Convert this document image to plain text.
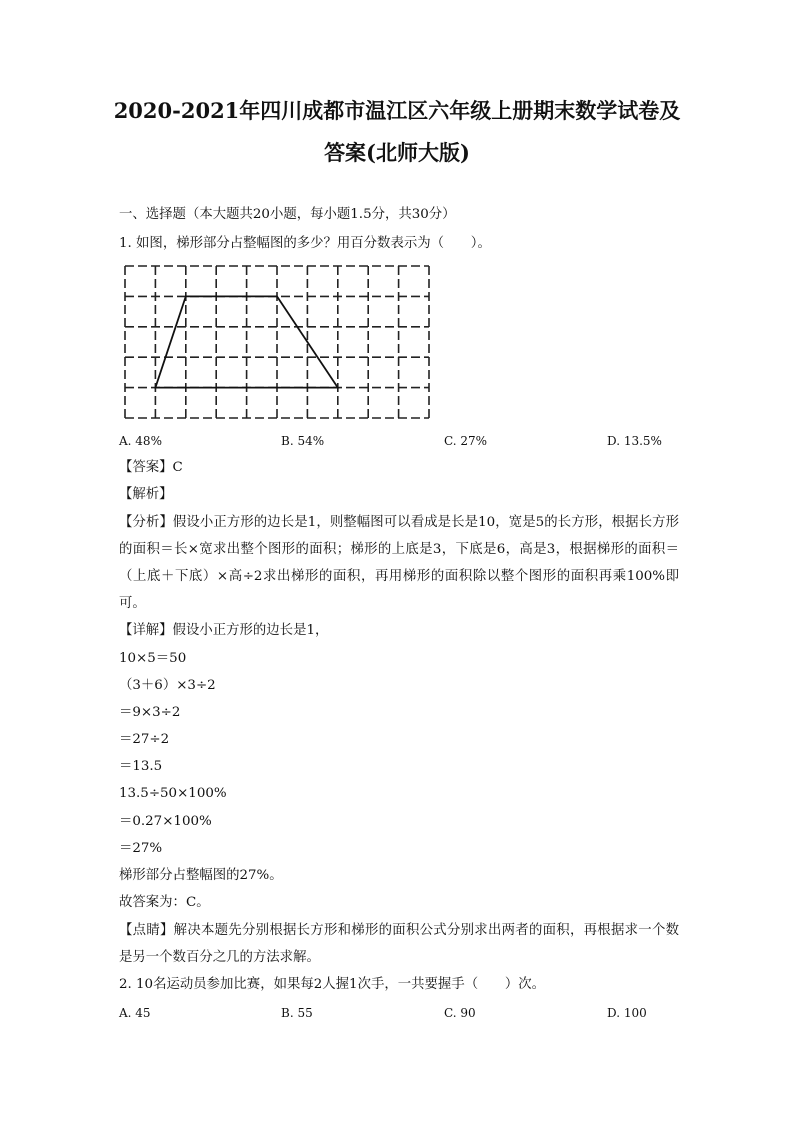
2020-2021年四川成都市温江区六年级上册期末数学试卷及
答案(北师大版)
一、选择题（本大题共20小题，每小题1.5分，共30分）
1. 如图，梯形部分占整幅图的多少？用百分数表示为（　　）。
A. 48%	B. 54%	C. 27%	D. 13.5%
【答案】C
【解析】
【分析】假设小正方形的边长是1，则整幅图可以看成是长是10，宽是5的长方形，根据长方形的面积＝长×宽求出整个图形的面积；梯形的上底是3，下底是6，高是3，根据梯形的面积＝（上底＋下底）×高÷2求出梯形的面积，再用梯形的面积除以整个图形的面积再乘100%即可。
【详解】假设小正方形的边长是1，
10×5＝50
（3＋6）×3÷2
＝9×3÷2
＝27÷2
＝13.5
13.5÷50×100%
＝0.27×100%
＝27%
梯形部分占整幅图的27%。
故答案为：C。
【点睛】解决本题先分别根据长方形和梯形的面积公式分别求出两者的面积，再根据求一个数是另一个数百分之几的方法求解。
2. 10名运动员参加比赛，如果每2人握1次手，一共要握手（　　）次。
A. 45	B. 55	C. 90	D. 100
